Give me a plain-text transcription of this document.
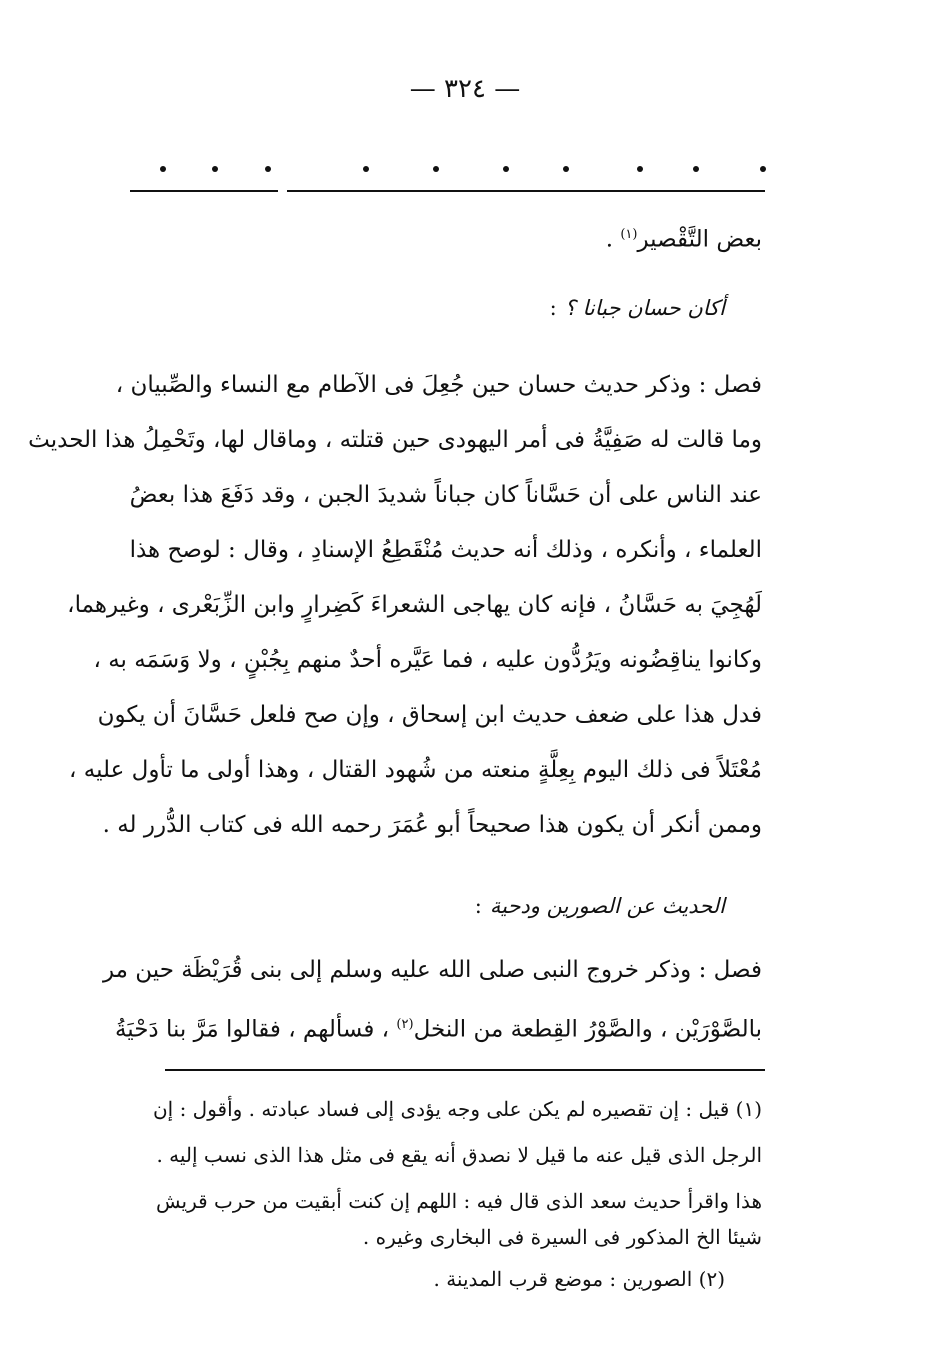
— ٣٢٤ —
بعض التَّقْصير$^{(١)}$ .
أكان حسان جبانا ؟:
فصل : وذكر حديث حسان حين جُعِلَ فى الآطام مع النساء والصِّبيان ،
وما قالت له صَفِيَّةُ فى أمر اليهودى حين قتلته ، وماقال لها، وتَحْمِلُ هذا الحديث
عند الناس على أن حَسَّاناً كان جباناً شديدَ الجبن ، وقد دَفَعَ هذا بعضُ
العلماء ، وأنكره ، وذلك أنه حديث مُنْقَطِعُ الإسنادِ ، وقال : لوصح هذا
لَهُجِيَ به حَسَّانُ ، فإنه كان يهاجى الشعراءَ كَضِرارٍ وابن الزِّبَعْرى ، وغيرهما،
وكانوا يناقِضُونه ويَرُدُّون عليه ، فما عَيَّره أحدٌ منهم بِجُبْنٍ ، ولا وَسَمَه به ،
فدل هذا على ضعف حديث ابن إسحاق ، وإن صح فلعل حَسَّانَ أن يكون
مُعْتَلاً فى ذلك اليوم بِعِلَّةٍ منعته من شُهود القتال ، وهذا أولى ما تأول عليه ،
وممن أنكر أن يكون هذا صحيحاً أبو عُمَرَ رحمه الله فى كتاب الدُّرر له .
الحديث عن الصورين ودحية:
فصل : وذكر خروج النبى صلى الله عليه وسلم إلى بنى قُرَيْظَة حين مر
بالصَّوْرَيْن ، والصَّوْرُ القِطعة من النخل$^{(٢)}$ ، فسألهم ، فقالوا مَرَّ بنا دَحْيَةُ
(١) قيل : إن تقصيره لم يكن على وجه يؤدى إلى فساد عبادته . وأقول : إن
الرجل الذى قيل عنه ما قيل لا نصدق أنه يقع فى مثل هذا الذى نسب إليه .
هذا واقرأ حديث سعد الذى قال فيه : اللهم إن كنت أبقيت من حرب قريش
شيئا الخ المذكور فى السيرة فى البخارى وغيره .
(٢) الصورين : موضع قرب المدينة .
